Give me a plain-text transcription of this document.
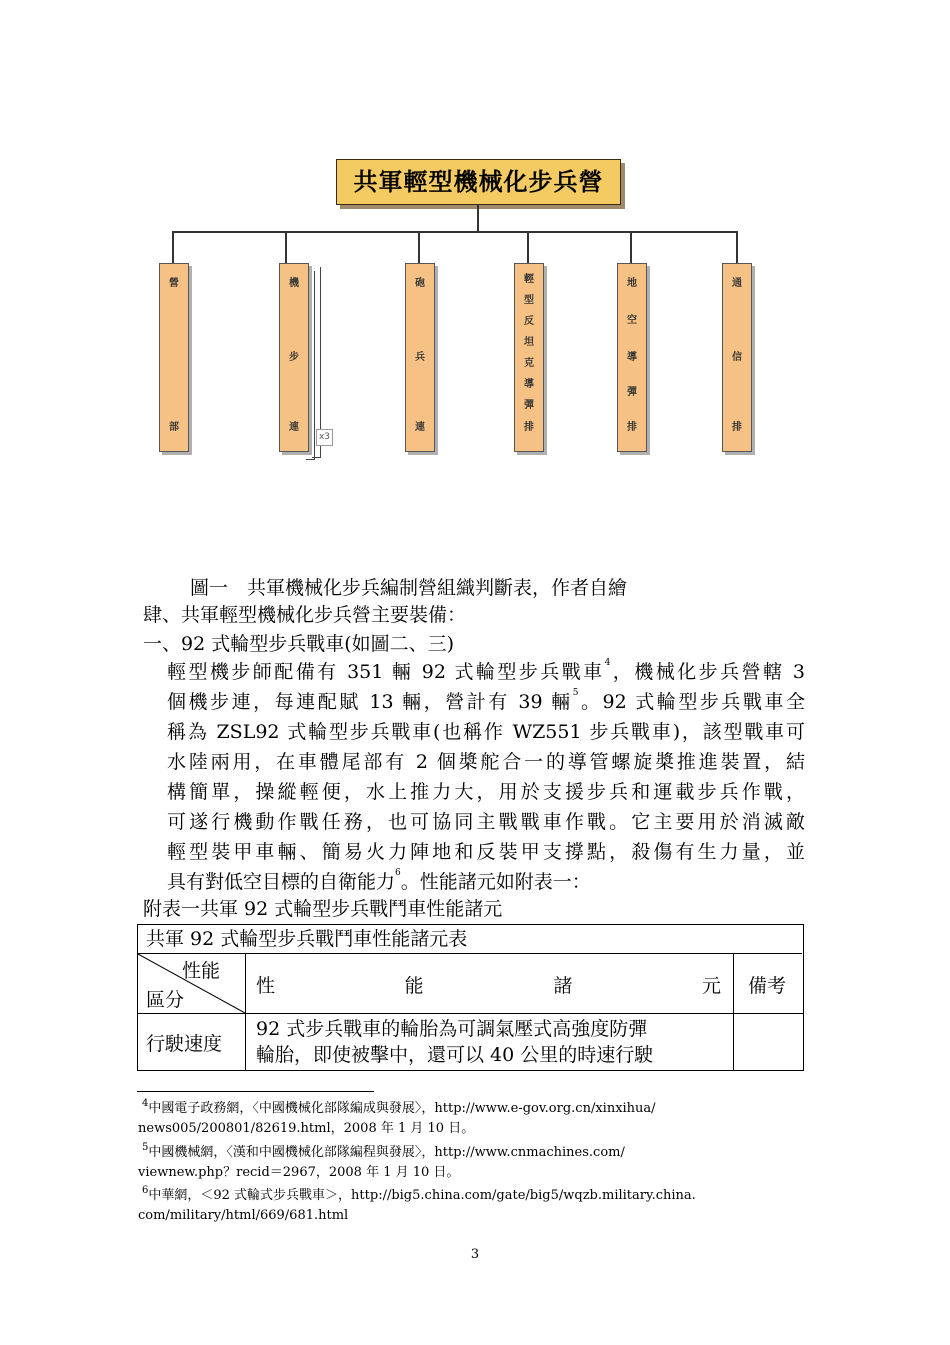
共軍輕型機械化步兵營
營
部
機
步
連
x3
砲
兵
連
輕
型
反
坦
克
導
彈
排
地
空
導
彈
排
通
信
排
圖一　共軍機械化步兵編制營組織判斷表，作者自繪
肆、共軍輕型機械化步兵營主要裝備：
一、92 式輪型步兵戰車(如圖二、三)
輕型機步師配備有 351 輛 92 式輪型步兵戰車$^4$，機械化步兵營轄 3
個機步連，每連配賦 13 輛，營計有 39 輛$^5$。92 式輪型步兵戰車全
稱為 ZSL92 式輪型步兵戰車(也稱作 WZ551 步兵戰車)，該型戰車可
水陸兩用，在車體尾部有 2 個槳舵合一的導管螺旋槳推進裝置，結
構簡單，操縱輕便，水上推力大，用於支援步兵和運載步兵作戰，
可遂行機動作戰任務，也可協同主戰戰車作戰。它主要用於消滅敵
輕型裝甲車輛、簡易火力陣地和反裝甲支撐點，殺傷有生力量，並
具有對低空目標的自衛能力$^6$。性能諸元如附表一：
附表一共軍 92 式輪型步兵戰鬥車性能諸元
共軍 92 式輪型步兵戰鬥車性能諸元表
性能
區分
性	能	諸	元 備考
行駛速度
92 式步兵戰車的輪胎為可調氣壓式高強度防彈
輪胎，即使被擊中，還可以 40 公里的時速行駛
$^4$中國電子政務網，〈中國機械化部隊編成與發展〉，http://www.e-gov.org.cn/xinxihua/
news005/200801/82619.html，2008 年 1 月 10 日。
$^5$中國機械網，〈漢和中國機械化部隊編程與發展〉，http://www.cnmachines.com/
viewnew.php？recid＝2967，2008 年 1 月 10 日。
$^6$中華網，＜92 式輪式步兵戰車＞，http://big5.china.com/gate/big5/wqzb.military.china.
com/military/html/669/681.html
3
